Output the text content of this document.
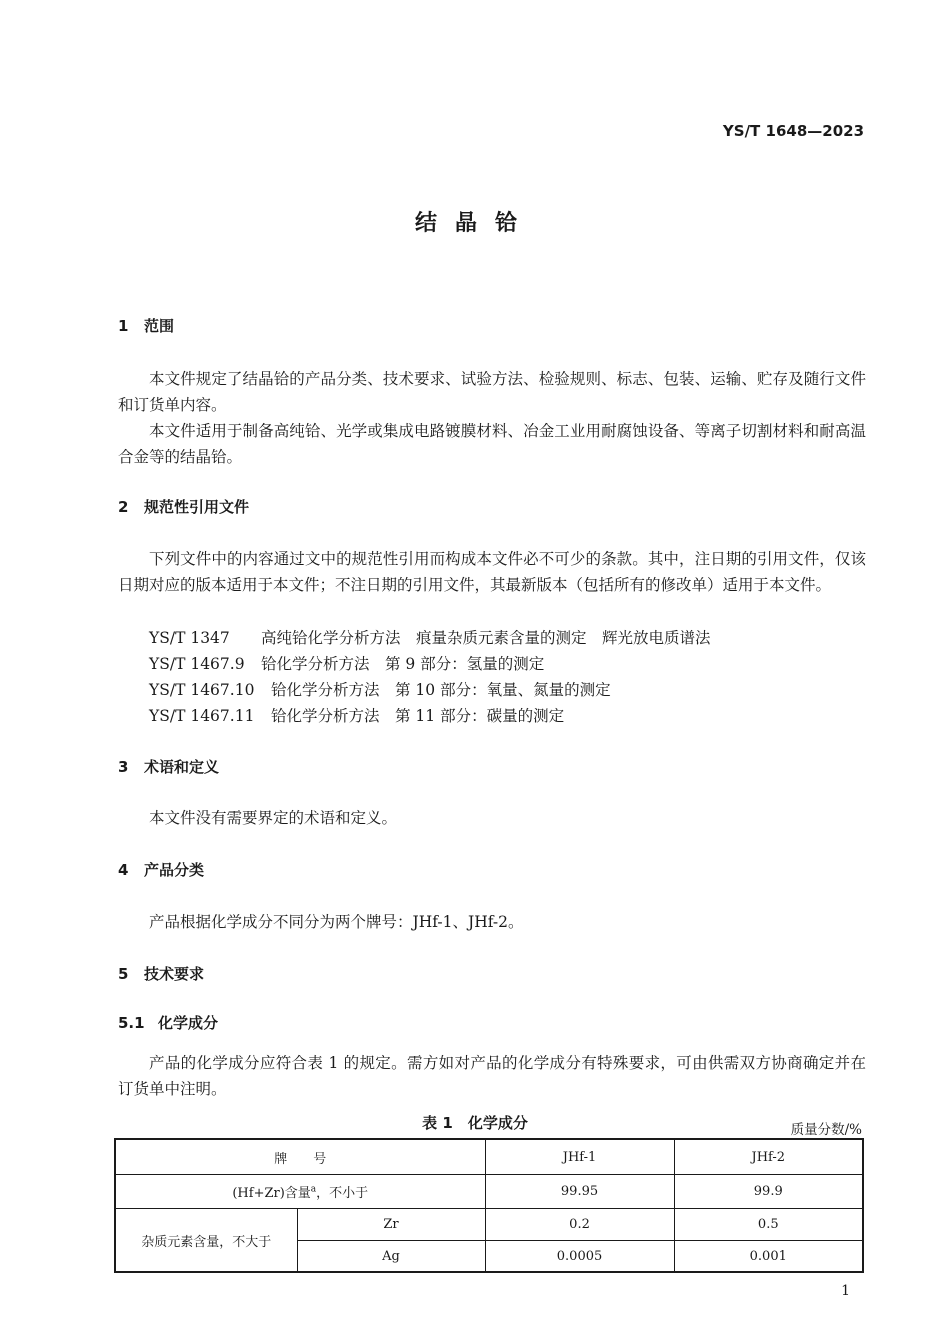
YS/T 1648—2023
结晶铪
1 范围
本文件规定了结晶铪的产品分类、技术要求、试验方法、检验规则、标志、包装、运输、贮存及随行文件和订货单内容。
本文件适用于制备高纯铪、光学或集成电路镀膜材料、冶金工业用耐腐蚀设备、等离子切割材料和耐高温合金等的结晶铪。
2 规范性引用文件
下列文件中的内容通过文中的规范性引用而构成本文件必不可少的条款。其中，注日期的引用文件，仅该日期对应的版本适用于本文件；不注日期的引用文件，其最新版本（包括所有的修改单）适用于本文件。
YS/T 1347 高纯铪化学分析方法　痕量杂质元素含量的测定　辉光放电质谱法
YS/T 1467.9 铪化学分析方法　第 9 部分：氢量的测定
YS/T 1467.10 铪化学分析方法　第 10 部分：氧量、氮量的测定
YS/T 1467.11 铪化学分析方法　第 11 部分：碳量的测定
3 术语和定义
本文件没有需要界定的术语和定义。
4 产品分类
产品根据化学成分不同分为两个牌号：JHf-1、JHf-2。
5 技术要求
5.1 化学成分
产品的化学成分应符合表 1 的规定。需方如对产品的化学成分有特殊要求，可由供需双方协商确定并在订货单中注明。
表 1　化学成分	质量分数/%
牌　　号		JHf-1	JHf-2
(Hf+Zr)含量$^a$，不小于		99.95	99.9
杂质元素含量，不大于	Zr	0.2	0.5
	Ag	0.0005	0.001
1
